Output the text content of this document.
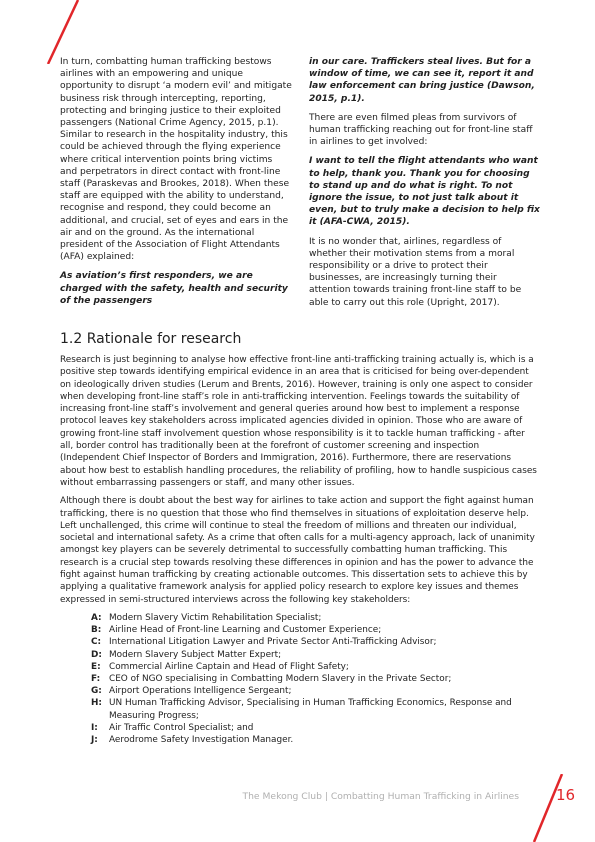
In turn, combatting human trafficking bestows airlines with an empowering and unique opportunity to disrupt ‘a modern evil’ and mitigate business risk through intercepting, reporting, protecting and bringing justice to their exploited passengers (National Crime Agency, 2015, p.1). Similar to research in the hospitality industry, this could be achieved through the flying experience where critical intervention points bring victims and perpetrators in direct contact with front-line staff (Paraskevas and Brookes, 2018). When these staff are equipped with the ability to understand, recognise and respond, they could become an additional, and crucial, set of eyes and ears in the air and on the ground. As the international president of the Association of Flight Attendants (AFA) explained:

As aviation’s first responders, we are charged with the safety, health and security of the passengers

in our care. Traffickers steal lives. But for a window of time, we can see it, report it and law enforcement can bring justice (Dawson, 2015, p.1).

There are even filmed pleas from survivors of human trafficking reaching out for front-line staff in airlines to get involved:

I want to tell the flight attendants who want to help, thank you. Thank you for choosing to stand up and do what is right. To not ignore the issue, to not just talk about it even, but to truly make a decision to help fix it (AFA-CWA, 2015).

It is no wonder that, airlines, regardless of whether their motivation stems from a moral responsibility or a drive to protect their businesses, are increasingly turning their attention towards training front-line staff to be able to carry out this role (Upright, 2017).

1.2 Rationale for research

Research is just beginning to analyse how effective front-line anti-trafficking training actually is, which is a positive step towards identifying empirical evidence in an area that is criticised for being over-dependent on ideologically driven studies (Lerum and Brents, 2016). However, training is only one aspect to consider when developing front-line staff’s role in anti-trafficking intervention. Feelings towards the suitability of increasing front-line staff’s involvement and general queries around how best to implement a response protocol leaves key stakeholders across implicated agencies divided in opinion. Those who are aware of growing front-line staff involvement question whose responsibility is it to tackle human trafficking - after all, border control has traditionally been at the forefront of customer screening and inspection (Independent Chief Inspector of Borders and Immigration, 2016). Furthermore, there are reservations about how best to establish handling procedures, the reliability of profiling, how to handle suspicious cases without embarrassing passengers or staff, and many other issues.

Although there is doubt about the best way for airlines to take action and support the fight against human trafficking, there is no question that those who find themselves in situations of exploitation deserve help. Left unchallenged, this crime will continue to steal the freedom of millions and threaten our individual, societal and international safety. As a crime that often calls for a multi-agency approach, lack of unanimity amongst key players can be severely detrimental to successfully combatting human trafficking. This research is a crucial step towards resolving these differences in opinion and has the power to advance the fight against human trafficking by creating actionable outcomes. This dissertation sets to achieve this by applying a qualitative framework analysis for applied policy research to explore key issues and themes expressed in semi-structured interviews across the following key stakeholders:

A: Modern Slavery Victim Rehabilitation Specialist;
B: Airline Head of Front-line Learning and Customer Experience;
C: International Litigation Lawyer and Private Sector Anti-Trafficking Advisor;
D: Modern Slavery Subject Matter Expert;
E: Commercial Airline Captain and Head of Flight Safety;
F: CEO of NGO specialising in Combatting Modern Slavery in the Private Sector;
G: Airport Operations Intelligence Sergeant;
H: UN Human Trafficking Advisor, Specialising in Human Trafficking Economics, Response and Measuring Progress;
I: Air Traffic Control Specialist; and
J: Aerodrome Safety Investigation Manager.
The Mekong Club | Combatting Human Trafficking in Airlines 16
